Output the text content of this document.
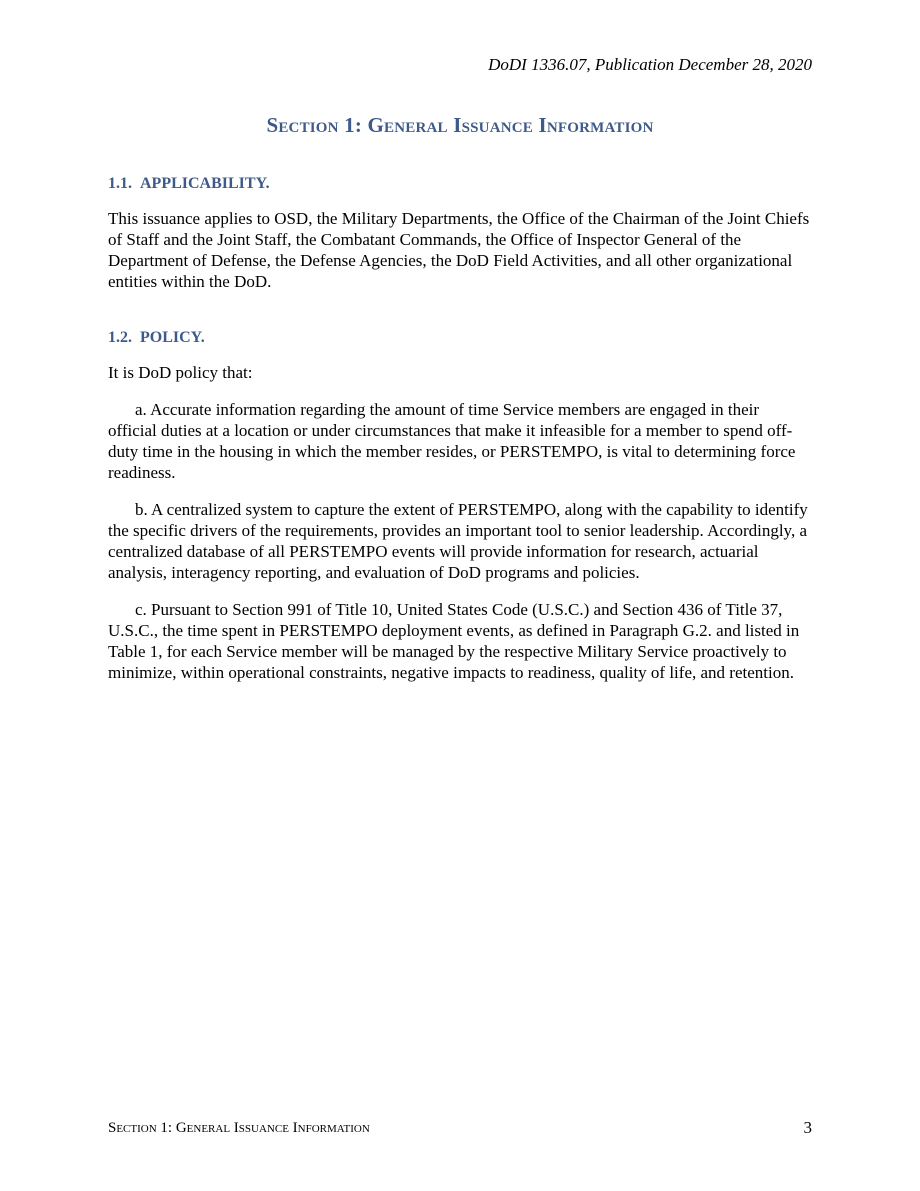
DoDI 1336.07, Publication December 28, 2020
Section 1: General Issuance Information
1.1. APPLICABILITY.

This issuance applies to OSD, the Military Departments, the Office of the Chairman of the Joint Chiefs of Staff and the Joint Staff, the Combatant Commands, the Office of Inspector General of the Department of Defense, the Defense Agencies, the DoD Field Activities, and all other organizational entities within the DoD.

1.2. POLICY.

It is DoD policy that:

a. Accurate information regarding the amount of time Service members are engaged in their official duties at a location or under circumstances that make it infeasible for a member to spend off-duty time in the housing in which the member resides, or PERSTEMPO, is vital to determining force readiness.

b. A centralized system to capture the extent of PERSTEMPO, along with the capability to identify the specific drivers of the requirements, provides an important tool to senior leadership. Accordingly, a centralized database of all PERSTEMPO events will provide information for research, actuarial analysis, interagency reporting, and evaluation of DoD programs and policies.

c. Pursuant to Section 991 of Title 10, United States Code (U.S.C.) and Section 436 of Title 37, U.S.C., the time spent in PERSTEMPO deployment events, as defined in Paragraph G.2. and listed in Table 1, for each Service member will be managed by the respective Military Service proactively to minimize, within operational constraints, negative impacts to readiness, quality of life, and retention.

Section 1: General Issuance Information	3
